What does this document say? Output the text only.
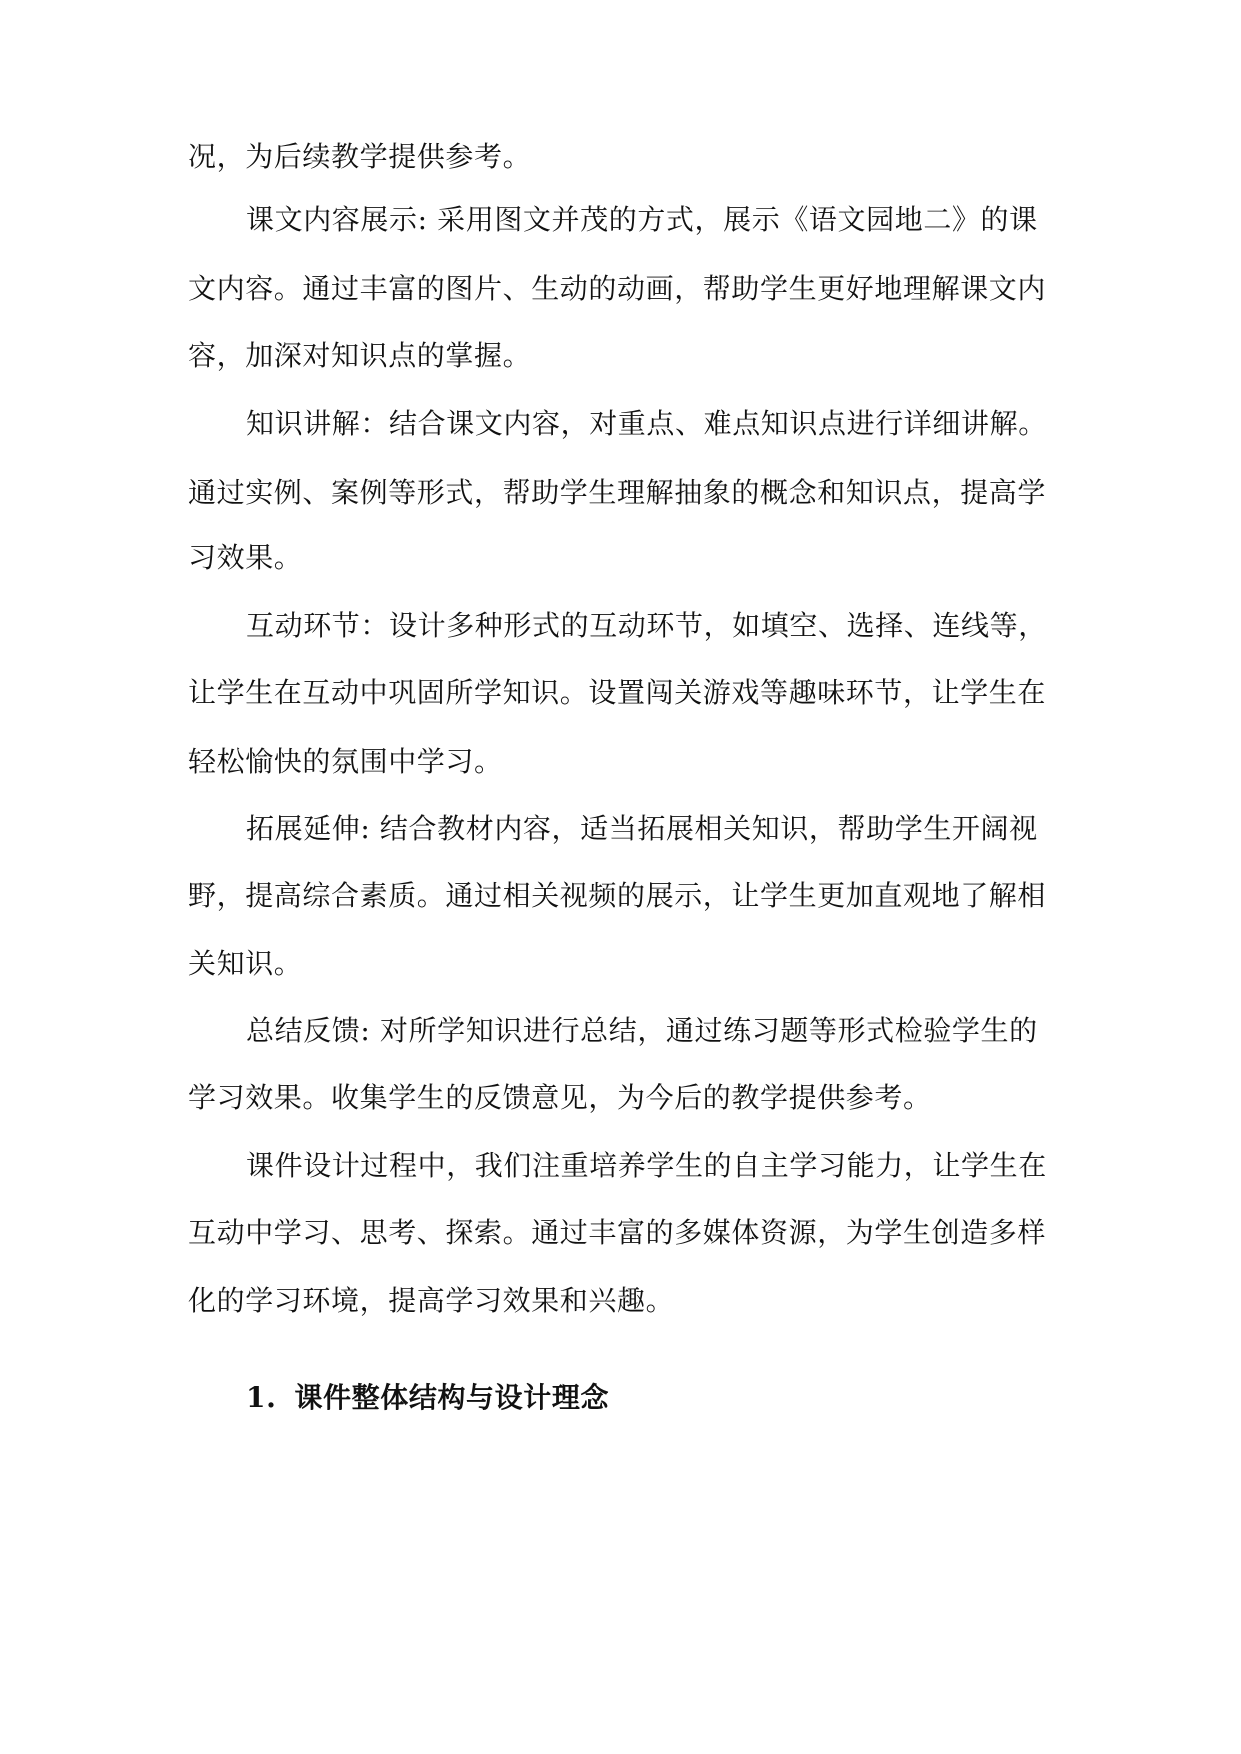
况，为后续教学提供参考。

课文内容展示: 采用图文并茂的方式，展示《语文园地二》的课

文内容。通过丰富的图片、生动的动画，帮助学生更好地理解课文内

容，加深对知识点的掌握。

知识讲解：结合课文内容，对重点、难点知识点进行详细讲解。

通过实例、案例等形式，帮助学生理解抽象的概念和知识点，提高学

习效果。

互动环节：设计多种形式的互动环节，如填空、选择、连线等，

让学生在互动中巩固所学知识。设置闯关游戏等趣味环节，让学生在

轻松愉快的氛围中学习。

拓展延伸: 结合教材内容，适当拓展相关知识，帮助学生开阔视

野，提高综合素质。通过相关视频的展示，让学生更加直观地了解相

关知识。

总结反馈: 对所学知识进行总结，通过练习题等形式检验学生的

学习效果。收集学生的反馈意见，为今后的教学提供参考。

课件设计过程中，我们注重培养学生的自主学习能力，让学生在

互动中学习、思考、探索。通过丰富的多媒体资源，为学生创造多样

化的学习环境，提高学习效果和兴趣。

1. 课件整体结构与设计理念
